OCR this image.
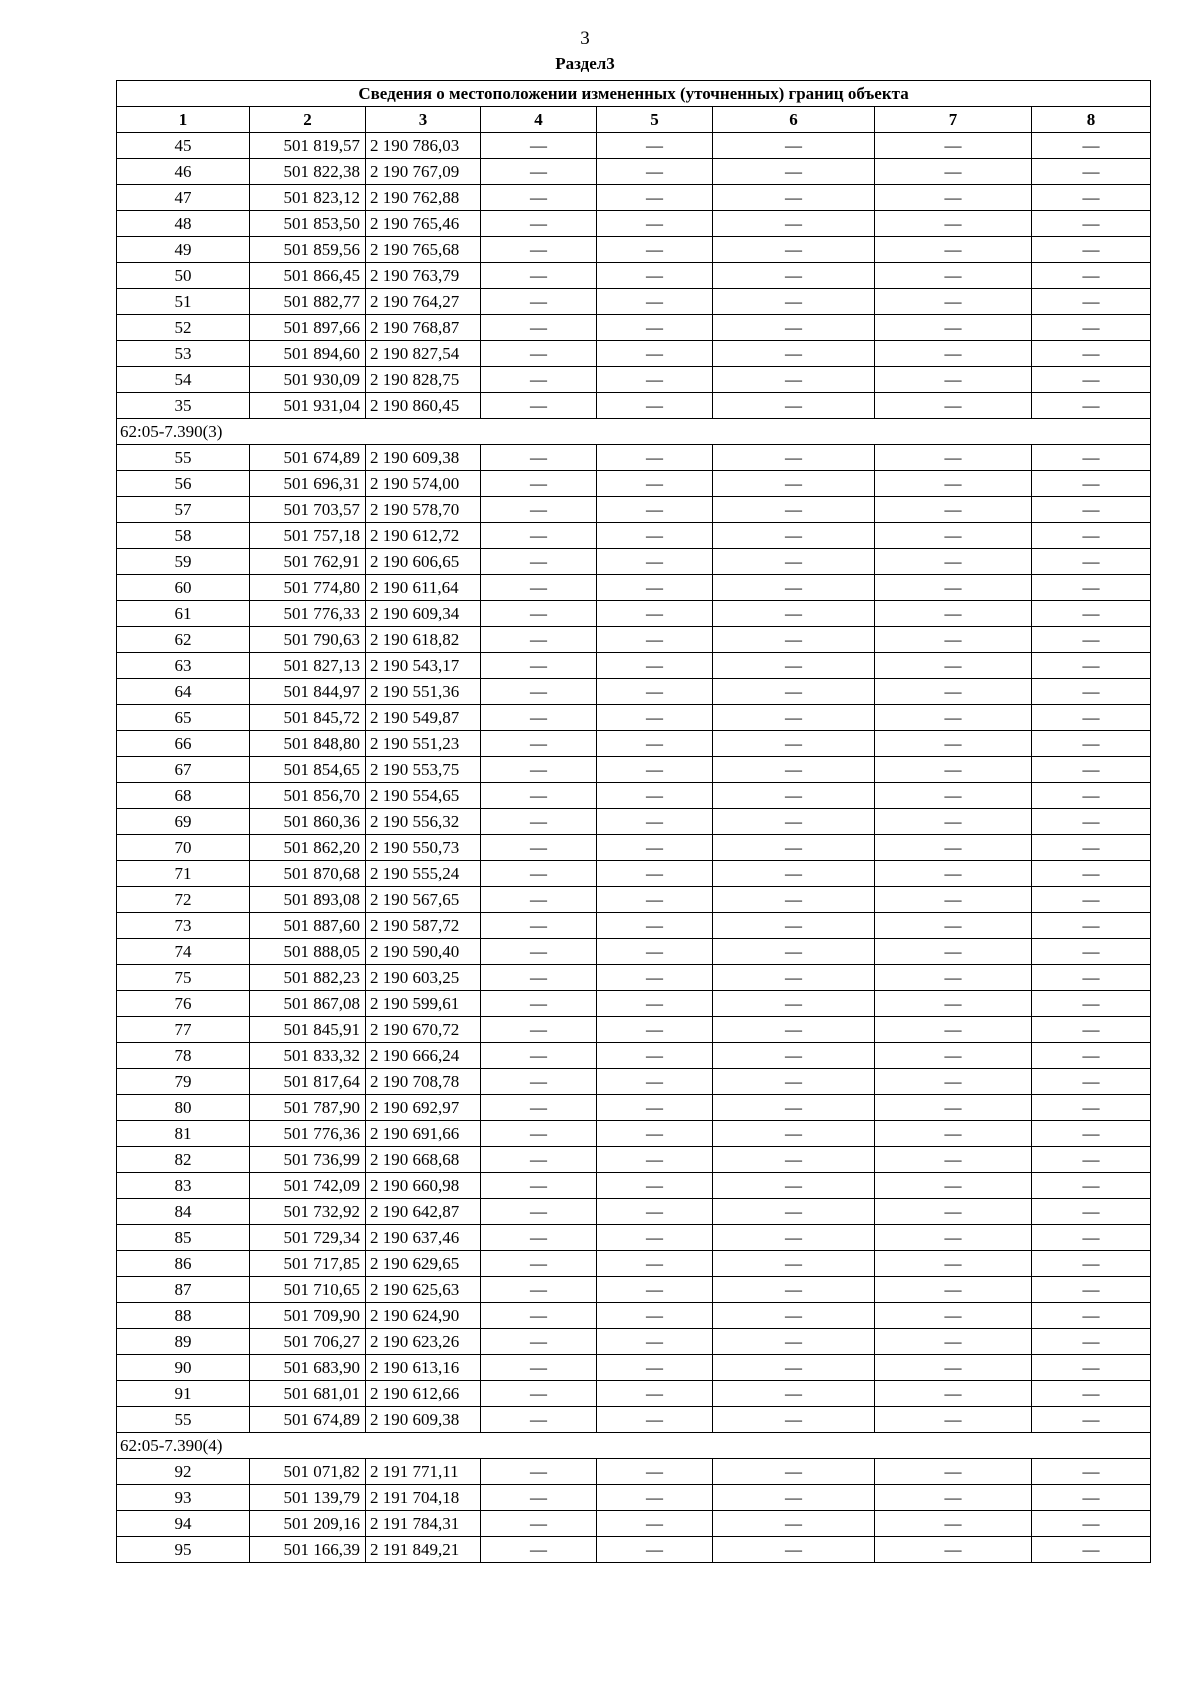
3
Раздел3
Сведения о местоположении измененных (уточненных) границ объекта							
1	2	3	4	5	6	7	8
45	501 819,57	2 190 786,03	—	—	—	—	—
46	501 822,38	2 190 767,09	—	—	—	—	—
47	501 823,12	2 190 762,88	—	—	—	—	—
48	501 853,50	2 190 765,46	—	—	—	—	—
49	501 859,56	2 190 765,68	—	—	—	—	—
50	501 866,45	2 190 763,79	—	—	—	—	—
51	501 882,77	2 190 764,27	—	—	—	—	—
52	501 897,66	2 190 768,87	—	—	—	—	—
53	501 894,60	2 190 827,54	—	—	—	—	—
54	501 930,09	2 190 828,75	—	—	—	—	—
35	501 931,04	2 190 860,45	—	—	—	—	—
62:05-7.390(3)							
55	501 674,89	2 190 609,38	—	—	—	—	—
56	501 696,31	2 190 574,00	—	—	—	—	—
57	501 703,57	2 190 578,70	—	—	—	—	—
58	501 757,18	2 190 612,72	—	—	—	—	—
59	501 762,91	2 190 606,65	—	—	—	—	—
60	501 774,80	2 190 611,64	—	—	—	—	—
61	501 776,33	2 190 609,34	—	—	—	—	—
62	501 790,63	2 190 618,82	—	—	—	—	—
63	501 827,13	2 190 543,17	—	—	—	—	—
64	501 844,97	2 190 551,36	—	—	—	—	—
65	501 845,72	2 190 549,87	—	—	—	—	—
66	501 848,80	2 190 551,23	—	—	—	—	—
67	501 854,65	2 190 553,75	—	—	—	—	—
68	501 856,70	2 190 554,65	—	—	—	—	—
69	501 860,36	2 190 556,32	—	—	—	—	—
70	501 862,20	2 190 550,73	—	—	—	—	—
71	501 870,68	2 190 555,24	—	—	—	—	—
72	501 893,08	2 190 567,65	—	—	—	—	—
73	501 887,60	2 190 587,72	—	—	—	—	—
74	501 888,05	2 190 590,40	—	—	—	—	—
75	501 882,23	2 190 603,25	—	—	—	—	—
76	501 867,08	2 190 599,61	—	—	—	—	—
77	501 845,91	2 190 670,72	—	—	—	—	—
78	501 833,32	2 190 666,24	—	—	—	—	—
79	501 817,64	2 190 708,78	—	—	—	—	—
80	501 787,90	2 190 692,97	—	—	—	—	—
81	501 776,36	2 190 691,66	—	—	—	—	—
82	501 736,99	2 190 668,68	—	—	—	—	—
83	501 742,09	2 190 660,98	—	—	—	—	—
84	501 732,92	2 190 642,87	—	—	—	—	—
85	501 729,34	2 190 637,46	—	—	—	—	—
86	501 717,85	2 190 629,65	—	—	—	—	—
87	501 710,65	2 190 625,63	—	—	—	—	—
88	501 709,90	2 190 624,90	—	—	—	—	—
89	501 706,27	2 190 623,26	—	—	—	—	—
90	501 683,90	2 190 613,16	—	—	—	—	—
91	501 681,01	2 190 612,66	—	—	—	—	—
55	501 674,89	2 190 609,38	—	—	—	—	—
62:05-7.390(4)							
92	501 071,82	2 191 771,11	—	—	—	—	—
93	501 139,79	2 191 704,18	—	—	—	—	—
94	501 209,16	2 191 784,31	—	—	—	—	—
95	501 166,39	2 191 849,21	—	—	—	—	—
